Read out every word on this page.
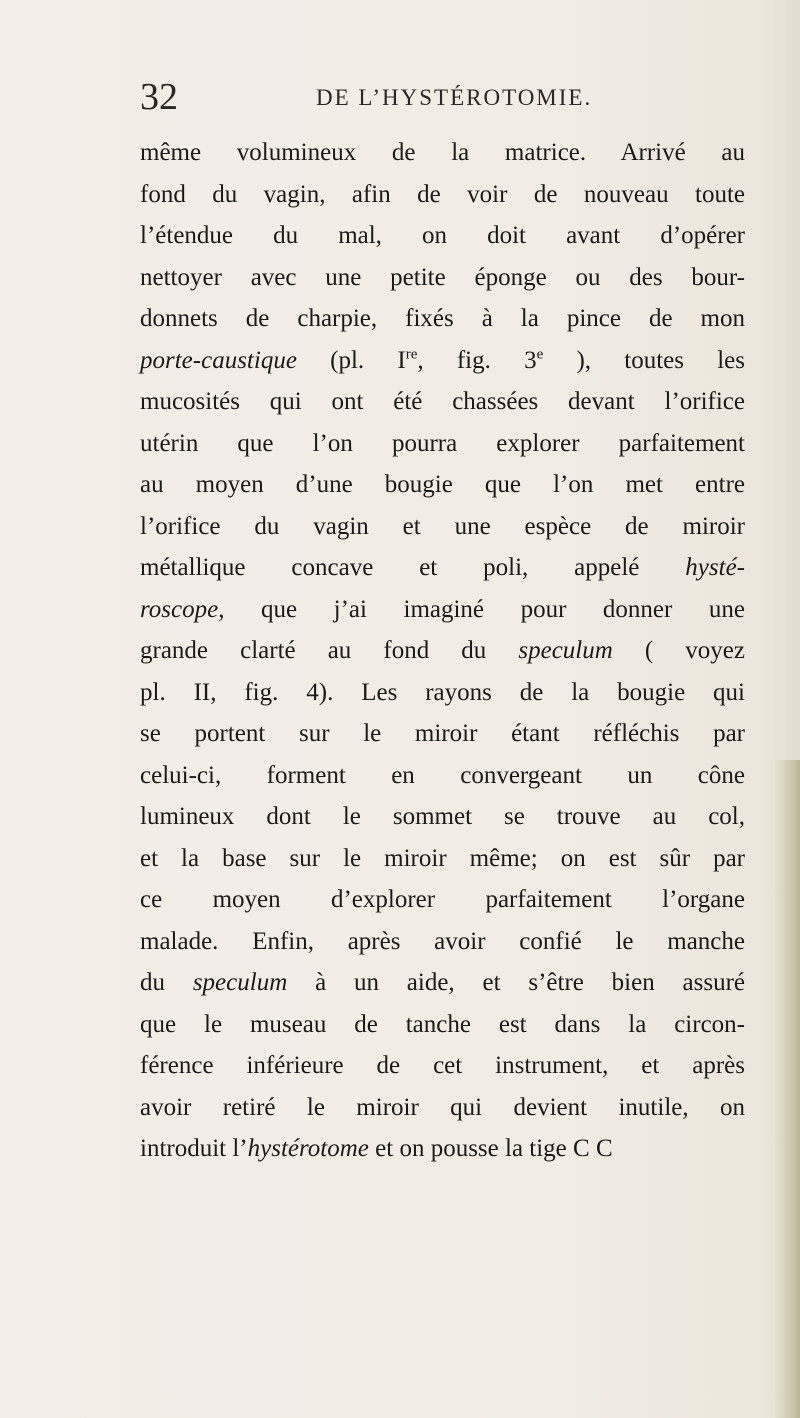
32	DE L’HYSTÉROTOMIE.
même volumineux de la matrice. Arrivé au
fond du vagin, afin de voir de nouveau toute
l’étendue du mal, on doit avant d’opérer
nettoyer avec une petite éponge ou des bour-
donnets de charpie, fixés à la pince de mon
porte-caustique (pl. Ire, fig. 3e ), toutes les
mucosités qui ont été chassées devant l’orifice
utérin que l’on pourra explorer parfaitement
au moyen d’une bougie que l’on met entre
l’orifice du vagin et une espèce de miroir
métallique concave et poli, appelé hysté-
roscope, que j’ai imaginé pour donner une
grande clarté au fond du speculum ( voyez
pl. II, fig. 4). Les rayons de la bougie qui
se portent sur le miroir étant réfléchis par
celui-ci, forment en convergeant un cône
lumineux dont le sommet se trouve au col,
et la base sur le miroir même; on est sûr par
ce moyen d’explorer parfaitement l’organe
malade. Enfin, après avoir confié le manche
du speculum à un aide, et s’être bien assuré
que le museau de tanche est dans la circon-
férence inférieure de cet instrument, et après
avoir retiré le miroir qui devient inutile, on
introduit l’hystérotome et on pousse la tige C C
